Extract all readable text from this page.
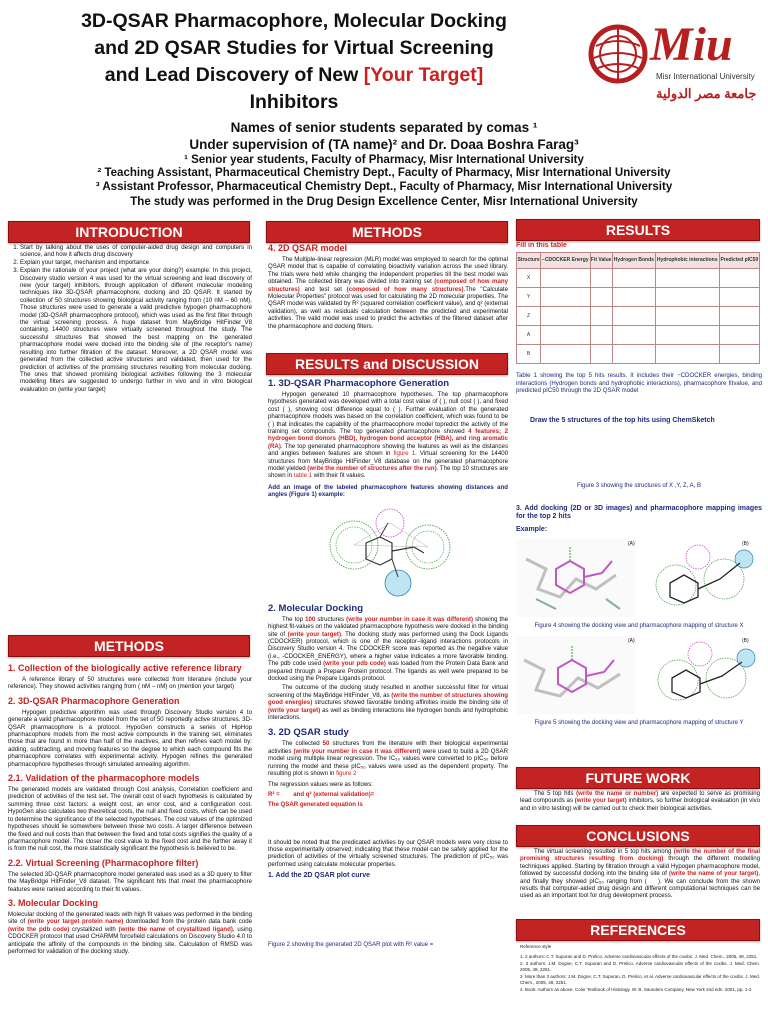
3D-QSAR Pharmacophore, Molecular Docking
and 2D QSAR Studies for Virtual Screening
and Lead Discovery of New [Your Target]
Inhibitors
Miu
Misr International University
جامعة مصر الدولية
Names of senior students separated by comas ¹
Under supervision of (TA name)² and Dr. Doaa Boshra Farag³
¹ Senior year students, Faculty of Pharmacy, Misr International University
² Teaching Assistant, Pharmaceutical Chemistry Dept., Faculty of Pharmacy, Misr International University
³ Assistant Professor, Pharmaceutical Chemistry Dept., Faculty of Pharmacy, Misr International University
The study was performed in the Drug Design Excellence Center, Misr International University
INTRODUCTION	METHODS	RESULTS
RESULTS and DISCUSSION
METHODS
FUTURE WORK
CONCLUSIONS
REFERENCES
1. Start by talking about the uses of computer-aided drug design and computers in science, and how it affects drug discovery
2. Explain your target, mechanism and importance
3. Explain the rationale of your project (what are your doing?) example: In this project, Discovery studio version 4 was used for the virtual screening and lead discovery of new (your target) inhibitors, through application of different molecular modeling techniques like 3D-QSAR pharmacophore, docking and 2D QSAR. It started by collection of 50 structures showing biological activity ranging from (10 nM – 60 nM). Those structures were used to generate a valid predictive hypogen pharmacophore model (3D-QSAR pharmacophore protocol), which was used as the first filter through the virtual screening process. A huge dataset from MayBridge HitFinder_V8 containing 14400 structures were virtually screened throughout the study. The successful structures that showed the best mapping on the generated pharmacophore model were docked into the binding site of (the receptor's name) resulting into further filtration of the dataset. Moreover, a 2D QSAR model was generated from the collected active structures and validated, then used for the prediction of activities of the promising structures resulting from molecular docking. The ones that showed promising biological activities following the 3 molecular modelling filters are suggested to undergo further in vivo and in vitro biological evaluation on (write your target)
1. Collection of the biologically active reference library

A reference library of 50 structures were collected from literature (include your reference). They showed activities ranging from ( nM – nM) on (mention your target)

2. 3D-QSAR Pharmacophore Generation

Hypogen predictive algorithm was used through Discovery Studio version 4 to generate a valid pharmacophore model from the set of 50 reportedly active structures. 3D-QSAR pharmacophore is a protocol. HypoGen constructs a series of HipHop pharmacophore models from the most active compounds in the training set, eliminates those that are found in more than half of the inactives, and then refines each model by: adding, subtracting, and moving features so the degree to which each compound fits the pharmacophore correlates with experimental activity. Hypogen refines the generated pharmacophore hypotheses through simulated annealing algorithm.

2.1. Validation of the pharmacophore models

The generated models are validated through Cost analysis, Correlation coefficient and prediction of activities of the test set. The overall cost of each hypothesis is calculated by summing three cost factors: a weight cost, an error cost, and a configuration cost. HypoGen also calculates two theoretical costs, the null and fixed costs, which can be used to determine the significance of the selected hypotheses. The cost values of the optimized hypotheses should lie somewhere between these two costs. A larger difference between the fixed and null costs than that between the fixed and total costs signifies the quality of a pharmacophore model. The closer the cost value to the fixed cost and the further away it is from the null cost, the more statistically significant the hypothesis is believed to be.

2.2. Virtual Screening (Pharmacophore filter)

The selected 3D-QSAR pharmacophore model generated was used as a 3D query to filter the MayBridge HitFinder_V8 dataset. The significant hits that meet the pharmacophore features were ranked according to their fit values.

3. Molecular Docking

Molecular docking of the generated leads with high fit values was performed in the binding site of (write your target protein name) downloaded from the protein data bank code (write the pdb code) crystallized with (write the name of crystallized ligand), using CDOCKER protocol that used CHARMM forcefield calculations on Discovery Studio 4.0 to anticipate the affinity of the compounds in the binding site. Calculation of RMSD was performed for validation of the docking study.

4. 2D QSAR model

The Multiple-linear regression (MLR) model was employed to search for the optimal QSAR model that is capable of correlating bioactivity variation across the used library. The trials were held while changing the independent properties till the best model was obtained. The collected library was divided into training set (composed of how many structures) and test set (composed of how many structures).The "Calculate Molecular Properties" protocol was used for calculating the 2D molecular properties. The QSAR model was validated by R² (squared correlation coefficient value), and q² (external validation), as well as residuals calculation between the predicted and experimental activities. The valid model was used to predict the activities of the filtered dataset after the pharmacophore and docking filters.

1. 3D-QSAR Pharmacophore Generation

Hypogen generated 10 pharmacophore hypotheses. The top pharmacophore hypothesis generated was developed with a total cost value of ( ), null cost ( ), and fixed cost ( ), showing cost difference equal to ( ). Further evaluation of the generated pharmacophore models was based on the correlation coefficient, which was found to be ( ) that indicates the capability of the pharmacophore model topredict the activity of the training set compounds. The top generated pharmacophore showed 4 features; 2 hydrogen bond donors (HBD), hydrogen bond acceptor (HBA), and ring aromatic (RA). The top generated pharmacophore showing the features as well as the distances and angles between features are shown in figure 1. Virtual screening for the 14400 structures from MayBridge HitFinder_V8 database on the generated pharmacophore model yielded (write the number of structures after the run). The top 10 structures are shown in table 1 with their fit values.

Add an image of the labeled pharmacophore features showing distances and angles (Figure 1) example:

2. Molecular Docking

The top 100 structures (write your number in case it was different) showing the highest fit-values on the validated pharmacophore hypothesis were docked in the binding site of (write your target). The docking study was performed using the Dock Ligands (CDOCKER) protocol, which is one of the receptor–ligand interactions protocols in Discovery Studio version 4. The CDOCKER score was reported as the negative value (i.e., -CDOCKER_ENERGY), where a higher value indicates a more favorable binding. The pdb code used (write your pdb code) was loaded from the Protein Data Bank and prepared through a Prepare Protein protocol. The ligands as well were prepared to be docked using the Prepare Ligands protocol.

The outcome of the docking study resulted in another successful filter for virtual screening of the MayBridge HitFinder_V8, as (write the number of structures showing good energies) structures showed favorable binding affinities inside the binding site of (write your target) as well as binding interactions like hydrogen bonds and hydrophobic interactions.

3. 2D QSAR study

The collected 50 structures from the literature with their biological experimental activities (write your number in case it was different) were used to build a 2D QSAR model using multiple linear regression. The IC₅₀ values were converted to pIC₅₀ before running the model and these pIC₅₀ values were used as the dependent property. The resulting plot is shown in figure 2

The regression values were as follows:

R² = and q² (external validation)=

The QSAR generated equation is

It should be noted that the predicated activities by our QSAR models were very close to those experimentally observed; indicating that these model can be safely applied for the prediction of activities of the virtually screened structures. The prediction of pIC₅₀ was performed using calculate molecular properties.

1. Add the 2D QSAR plot curve

Figure 2 showing the generated 2D QSAR plot with R² value =

Fill in this table
Structure	−CDOCKER Energy	Fit Value	Hydrogen Bonds	Hydrophobic interactions	Predicted pIC50
X					
Y					
Z					
A					
B					

Table 1 showing the top 5 hits results. It includes their −CDOCKER energies, binding interactions (Hydrogen bonds and hydrophobic interactions), pharmacophore fitvalue, and predicted pIC50 through the 2D QSAR model

Draw the 5 structures of the top hits using ChemSketch

Figure 3 showing the structures of X ,Y, Z, A, B

3. Add docking (2D or 3D images) and pharmacophore mapping images for the top 2 hits

Example:

(A)	(B)

Figure 4 showing the docking view and pharmacophore mapping of structure X

(A)	(B)

Figure 5 showing the docking view and pharmacophore mapping of structure Y

The 5 top hits (write the name or number) are expected to serve as promising lead compounds as (write your target) inhibitors, so further biological evaluation (in vivo and in vitro testing) will be carried out to check their biological activities.

The virtual screening resulted in 5 top hits among (write the number of the final promising structures resulting from docking) through the different modelling techniques applied. Starting by filtration through a valid Hypogen pharmacophore model, followed by successful docking into the binding site of (write the name of your target), and finally they showed pIC₅₀ ranging from ( ). We can conclude from the shown results that computer-aided drug design and different computational techniques can be used as an important tool for drug development process.

Reference style

1. 2 authors: C.T. Supuran and D. Prelico. Adverse cardiovascular effects of the coxibs. J. Med. Chem., 2005, 48, 2251.

2. 3 authors: J.M. Dogne, C.T. Supuran and D. Prelico. Adverse cardiovascular effects of the coxibs. J. Med. Chem. 2005, 48, 2251.

3. More than 3 authors: J.M. Dogne, C.T. Supuran, D. Prelico, et al. Adverse cardiovascular effects of the coxibs. J. Med. Chem., 2005, 48, 2251.

4. Book: Authors as above. Color Textbook of Histology. W. B. Saunders Company, New York 2nd edn. 2001, pp. 1-2.
